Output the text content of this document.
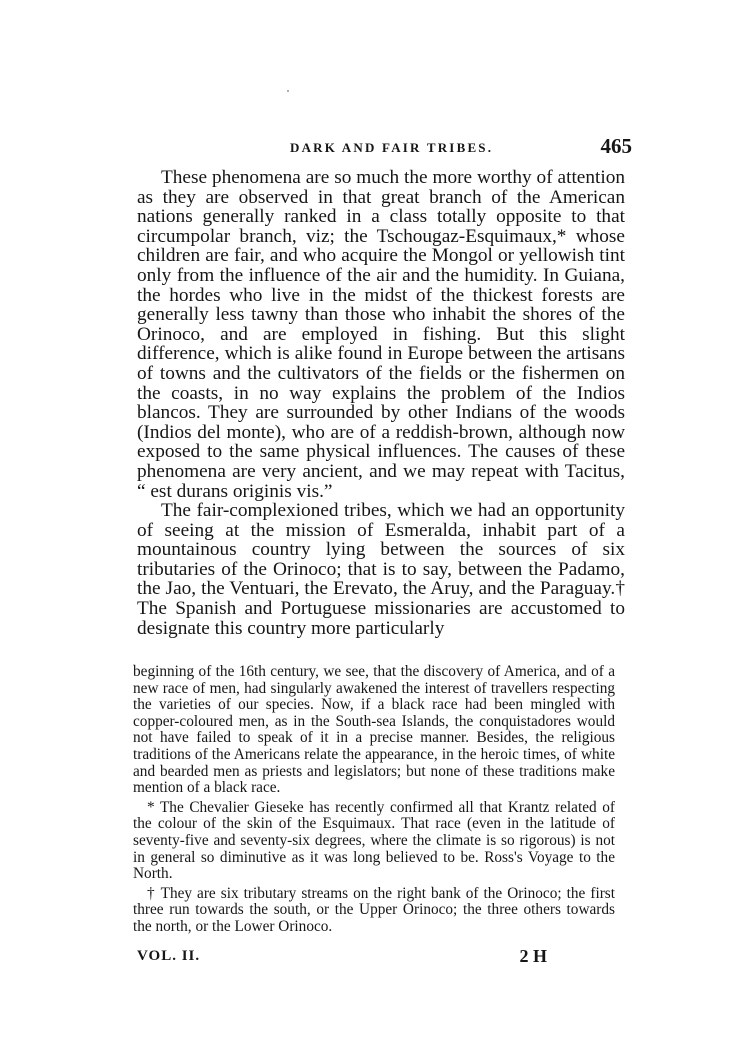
DARK AND FAIR TRIBES.	465

These phenomena are so much the more worthy of attention as they are observed in that great branch of the American nations generally ranked in a class totally opposite to that circumpolar branch, viz; the Tschougaz-Esquimaux,* whose children are fair, and who acquire the Mongol or yellowish tint only from the influence of the air and the humidity. In Guiana, the hordes who live in the midst of the thickest forests are generally less tawny than those who inhabit the shores of the Orinoco, and are employed in fishing. But this slight difference, which is alike found in Europe between the artisans of towns and the cultivators of the fields or the fishermen on the coasts, in no way explains the problem of the Indios blancos. They are surrounded by other Indians of the woods (Indios del monte), who are of a reddish-brown, although now exposed to the same physical influences. The causes of these phenomena are very ancient, and we may repeat with Tacitus, “ est durans originis vis.”

The fair-complexioned tribes, which we had an opportunity of seeing at the mission of Esmeralda, inhabit part of a mountainous country lying between the sources of six tributaries of the Orinoco; that is to say, between the Padamo, the Jao, the Ventuari, the Erevato, the Aruy, and the Paraguay.† The Spanish and Portuguese missionaries are accustomed to designate this country more particularly

beginning of the 16th century, we see, that the discovery of America, and of a new race of men, had singularly awakened the interest of travellers respecting the varieties of our species. Now, if a black race had been mingled with copper-coloured men, as in the South-sea Islands, the conquistadores would not have failed to speak of it in a precise manner. Besides, the religious traditions of the Americans relate the appearance, in the heroic times, of white and bearded men as priests and legislators; but none of these traditions make mention of a black race.

* The Chevalier Gieseke has recently confirmed all that Krantz related of the colour of the skin of the Esquimaux. That race (even in the latitude of seventy-five and seventy-six degrees, where the climate is so rigorous) is not in general so diminutive as it was long believed to be. Ross's Voyage to the North.

† They are six tributary streams on the right bank of the Orinoco; the first three run towards the south, or the Upper Orinoco; the three others towards the north, or the Lower Orinoco.

VOL. II.	2 H
